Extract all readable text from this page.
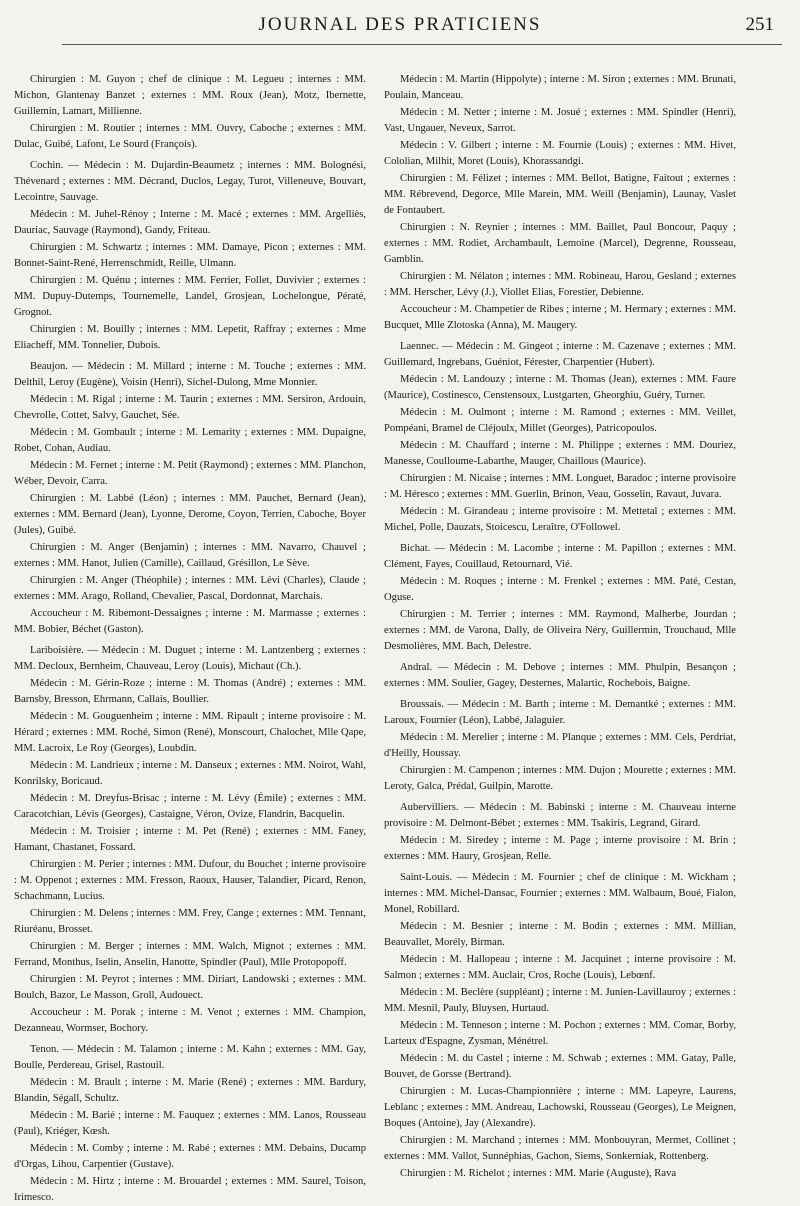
JOURNAL DES PRATICIENS	251

Chirurgien : M. Guyon ; chef de clinique : M. Legueu ; internes : MM. Michon, Glantenay Banzet ; externes : MM. Roux (Jean), Motz, Ibernette, Guillemin, Lamart, Millienne.

Chirurgien : M. Routier ; internes : MM. Ouvry, Caboche ; externes : MM. Dulac, Guibé, Lafont, Le Sourd (François).

Cochin. — Médecin : M. Dujardin-Beaumetz ; internes : MM. Bolognési, Thévenard ; externes : MM. Décrand, Duclos, Legay, Turot, Villeneuve, Bouvart, Lecointre, Sauvage.

Médecin : M. Juhel-Rénoy ; Interne : M. Macé ; externes : MM. Argelliès, Dauriac, Sauvage (Raymond), Gandy, Friteau.

Chirurgien : M. Schwartz ; internes : MM. Damaye, Picon ; externes : MM. Bonnet-Saint-René, Herrenschmidt, Reille, Ulmann.

Chirurgien : M. Quénu ; internes : MM. Ferrier, Follet, Duvivier ; externes : MM. Dupuy-Dutemps, Tournemelle, Landel, Grosjean, Lochelongue, Pératé, Grognot.

Chirurgien : M. Bouilly ; internes : MM. Lepetit, Raffray ; externes : Mme Eliacheff, MM. Tonnelier, Dubois.

Beaujon. — Médecin : M. Millard ; interne : M. Touche ; externes : MM. Delthil, Leroy (Eugène), Voisin (Henri), Sichel-Dulong, Mme Monnier.

Médecin : M. Rigal ; interne : M. Taurin ; externes : MM. Sersiron, Ardouin, Chevrolle, Cottet, Salvy, Gauchet, Sée.

Médecin : M. Gombault ; interne : M. Lemarity ; externes : MM. Dupaigne, Robet, Cohan, Audiau.

Médecin : M. Fernet ; interne : M. Petit (Raymond) ; externes : MM. Planchon, Wéber, Devoir, Carra.

Chirurgien : M. Labbé (Léon) ; internes : MM. Pauchet, Bernard (Jean), externes : MM. Bernard (Jean), Lyonne, Derome, Coyon, Terrien, Caboche, Boyer (Jules), Guibé.

Chirurgien : M. Anger (Benjamin) ; internes : MM. Navarro, Chauvel ; externes : MM. Hanot, Julien (Camille), Caillaud, Grésillon, Le Sève.

Chirurgien : M. Anger (Théophile) ; internes : MM. Lévi (Charles), Claude ; externes : MM. Arago, Rolland, Chevalier, Pascal, Dordonnat, Marchais.

Accoucheur : M. Ribemont-Dessaignes ; interne : M. Marmasse ; externes : MM. Bobier, Béchet (Gaston).

Lariboisière. — Médecin : M. Duguet ; interne : M. Lantzenberg ; externes : MM. Decloux, Bernheim, Chauveau, Leroy (Louis), Michaut (Ch.).

Médecin : M. Gérin-Roze ; interne : M. Thomas (André) ; externes : MM. Barnsby, Bresson, Ehrmann, Callais, Boullier.

Médecin : M. Gouguenheim ; interne : MM. Ripault ; interne provisoire : M. Hérard ; externes : MM. Roché, Simon (René), Monscourt, Chalochet, Mlle Qape, MM. Lacroix, Le Roy (Georges), Loubdin.

Médecin : M. Landrieux ; interne : M. Danseux ; externes : MM. Noirot, Wahl, Konrilsky, Boricaud.

Médecin : M. Dreyfus-Brisac ; interne : M. Lévy (Émile) ; externes : MM. Caracotchian, Lévis (Georges), Castaigne, Véron, Ovize, Flandrin, Bacquelin.

Médecin : M. Troisier ; interne : M. Pet (René) ; externes : MM. Faney, Hamant, Chastanet, Fossard.

Chirurgien : M. Perier ; internes : MM. Dufour, du Bouchet ; interne provisoire : M. Oppenot ; externes : MM. Fresson, Raoux, Hauser, Talandier, Picard, Renon, Schachmann, Lucius.

Chirurgien : M. Delens ; internes : MM. Frey, Cange ; externes : MM. Tennant, Riuréanu, Brosset.

Chirurgien : M. Berger ; internes : MM. Walch, Mignot ; externes : MM. Ferrand, Monthus, Iselin, Anselin, Hanotte, Spindler (Paul), Mlle Protopopoff.

Chirurgien : M. Peyrot ; internes : MM. Diriart, Landowski ; externes : MM. Boulch, Bazor, Le Masson, Groll, Audouect.

Accoucheur : M. Porak ; interne : M. Venot ; externes : MM. Champion, Dezanneau, Wormser, Bochory.

Tenon. — Médecin : M. Talamon ; interne : M. Kahn ; externes : MM. Gay, Boulle, Perdereau, Grisel, Rastouil.

Médecin : M. Brault ; interne : M. Marie (René) ; externes : MM. Bardury, Blandin, Ségall, Schultz.

Médecin : M. Barié ; interne : M. Fauquez ; externes : MM. Lanos, Rousseau (Paul), Kriéger, Kœsh.

Médecin : M. Comby ; interne : M. Rabé ; externes : MM. Debains, Ducamp d'Orgas, Lihou, Carpentier (Gustave).

Médecin : M. Hirtz ; interne : M. Brouardel ; externes : MM. Saurel, Toison, Irimesco.

Médecin : M. Martin (Hippolyte) ; interne : M. Siron ; externes : MM. Brunati, Poulain, Manceau.

Médecin : M. Netter ; interne : M. Josué ; externes : MM. Spindler (Henri), Vast, Ungauer, Neveux, Sarrot.

Médecin : V. Gilbert ; interne : M. Fournie (Louis) ; externes : MM. Hivet, Cololian, Milhit, Moret (Louis), Khorassandgi.

Chirurgien : M. Félizet ; internes : MM. Bellot, Batigne, Faitout ; externes : MM. Rébrevend, Degorce, Mlle Marein, MM. Weill (Benjamin), Launay, Vaslet de Fontaubert.

Chirurgien : N. Reynier ; internes : MM. Baillet, Paul Boncour, Paquy ; externes : MM. Rodiet, Archambault, Lemoine (Marcel), Degrenne, Rousseau, Gamblin.

Chirurgien : M. Nélaton ; internes : MM. Robineau, Harou, Gesland ; externes : MM. Herscher, Lévy (J.), Viollet Elias, Forestier, Debienne.

Accoucheur : M. Champetier de Ribes ; interne ; M. Hermary ; externes : MM. Bucquet, Mlle Zlotoska (Anna), M. Maugery.

Laennec. — Médecin : M. Gingeot ; interne : M. Cazenave ; externes : MM. Guillemard, Ingrebans, Guéniot, Férester, Charpentier (Hubert).

Médecin : M. Landouzy ; interne : M. Thomas (Jean), externes : MM. Faure (Maurice), Costinesco, Censtensoux, Lustgarten, Gheorghiu, Guéry, Turner.

Médecin : M. Oulmont ; interne : M. Ramond ; externes : MM. Veillet, Pompéani, Bramel de Cléjoulx, Millet (Georges), Patricopoulos.

Médecin : M. Chauffard ; interne : M. Philippe ; externes : MM. Douriez, Manesse, Coulloume-Labarthe, Mauger, Chaillous (Maurice).

Chirurgien : M. Nicaise ; internes : MM. Longuet, Baradoc ; interne provisoire : M. Héresco ; externes : MM. Guerlin, Brinon, Veau, Gosselin, Ravaut, Juvara.

Médecin : M. Girandeau ; interne provisoire : M. Mettetal ; externes : MM. Michel, Polle, Dauzats, Stoicescu, Leraître, O'Followel.

Bichat. — Médecin : M. Lacombe ; interne : M. Papillon ; externes : MM. Clément, Fayes, Couillaud, Retournard, Vié.

Médecin : M. Roques ; interne : M. Frenkel ; externes : MM. Paté, Cestan, Oguse.

Chirurgien : M. Terrier ; internes : MM. Raymond, Malherbe, Jourdan ; externes : MM. de Varona, Dally, de Oliveira Néry, Guillermin, Trouchaud, Mlle Desmolières, MM. Bach, Delestre.

Andral. — Médecin : M. Debove ; internes : MM. Phulpin, Besançon ; externes : MM. Soulier, Gagey, Desternes, Malartic, Rochebois, Baigne.

Broussais. — Médecin : M. Barth ; interne : M. Demantké ; externes : MM. Laroux, Fournier (Léon), Labbé, Jalaguier.

Médecin : M. Merelier ; interne : M. Planque ; externes : MM. Cels, Perdriat, d'Heilly, Houssay.

Chirurgien : M. Campenon ; internes : MM. Dujon ; Mourette ; externes : MM. Leroty, Galca, Prédal, Guilpin, Marotte.

Aubervilliers. — Médecin : M. Babinski ; interne : M. Chauveau interne provisoire : M. Delmont-Bébet ; externes : MM. Tsakiris, Legrand, Girard.

Médecin : M. Siredey ; interne : M. Page ; interne provisoire : M. Brin ; externes : MM. Haury, Grosjean, Relle.

Saint-Louis. — Médecin : M. Fournier ; chef de clinique : M. Wickham ; internes : MM. Michel-Dansac, Fournier ; externes : MM. Walbaum, Boué, Fialon, Monel, Robillard.

Médecin : M. Besnier ; interne : M. Bodin ; externes : MM. Millian, Beauvallet, Morély, Birman.

Médecin : M. Hallopeau ; interne : M. Jacquinet ; interne provisoire : M. Salmon ; externes : MM. Auclair, Cros, Roche (Louis), Lebœnf.

Médecin : M. Beclère (suppléant) ; interne : M. Junien-Lavillauroy ; externes : MM. Mesnil, Pauly, Bluysen, Hurtaud.

Médecin : M. Tenneson ; interne : M. Pochon ; externes : MM. Comar, Borby, Larteux d'Espagne, Zysman, Ménétrel.

Médecin : M. du Castel ; interne : M. Schwab ; externes : MM. Gatay, Palle, Bouvet, de Gorsse (Bertrand).

Chirurgien : M. Lucas-Championnière ; interne : MM. Lapeyre, Laurens, Leblanc ; externes : MM. Andreau, Lachowski, Rousseau (Georges), Le Meignen, Boques (Antoine), Jay (Alexandre).

Chirurgien : M. Marchand ; internes : MM. Monbouyran, Mermet, Collinet ; externes : MM. Vallot, Sunnéphias, Gachon, Siems, Sonkerniak, Rottenberg.

Chirurgien : M. Richelot ; internes : MM. Marie (Auguste), Rava
